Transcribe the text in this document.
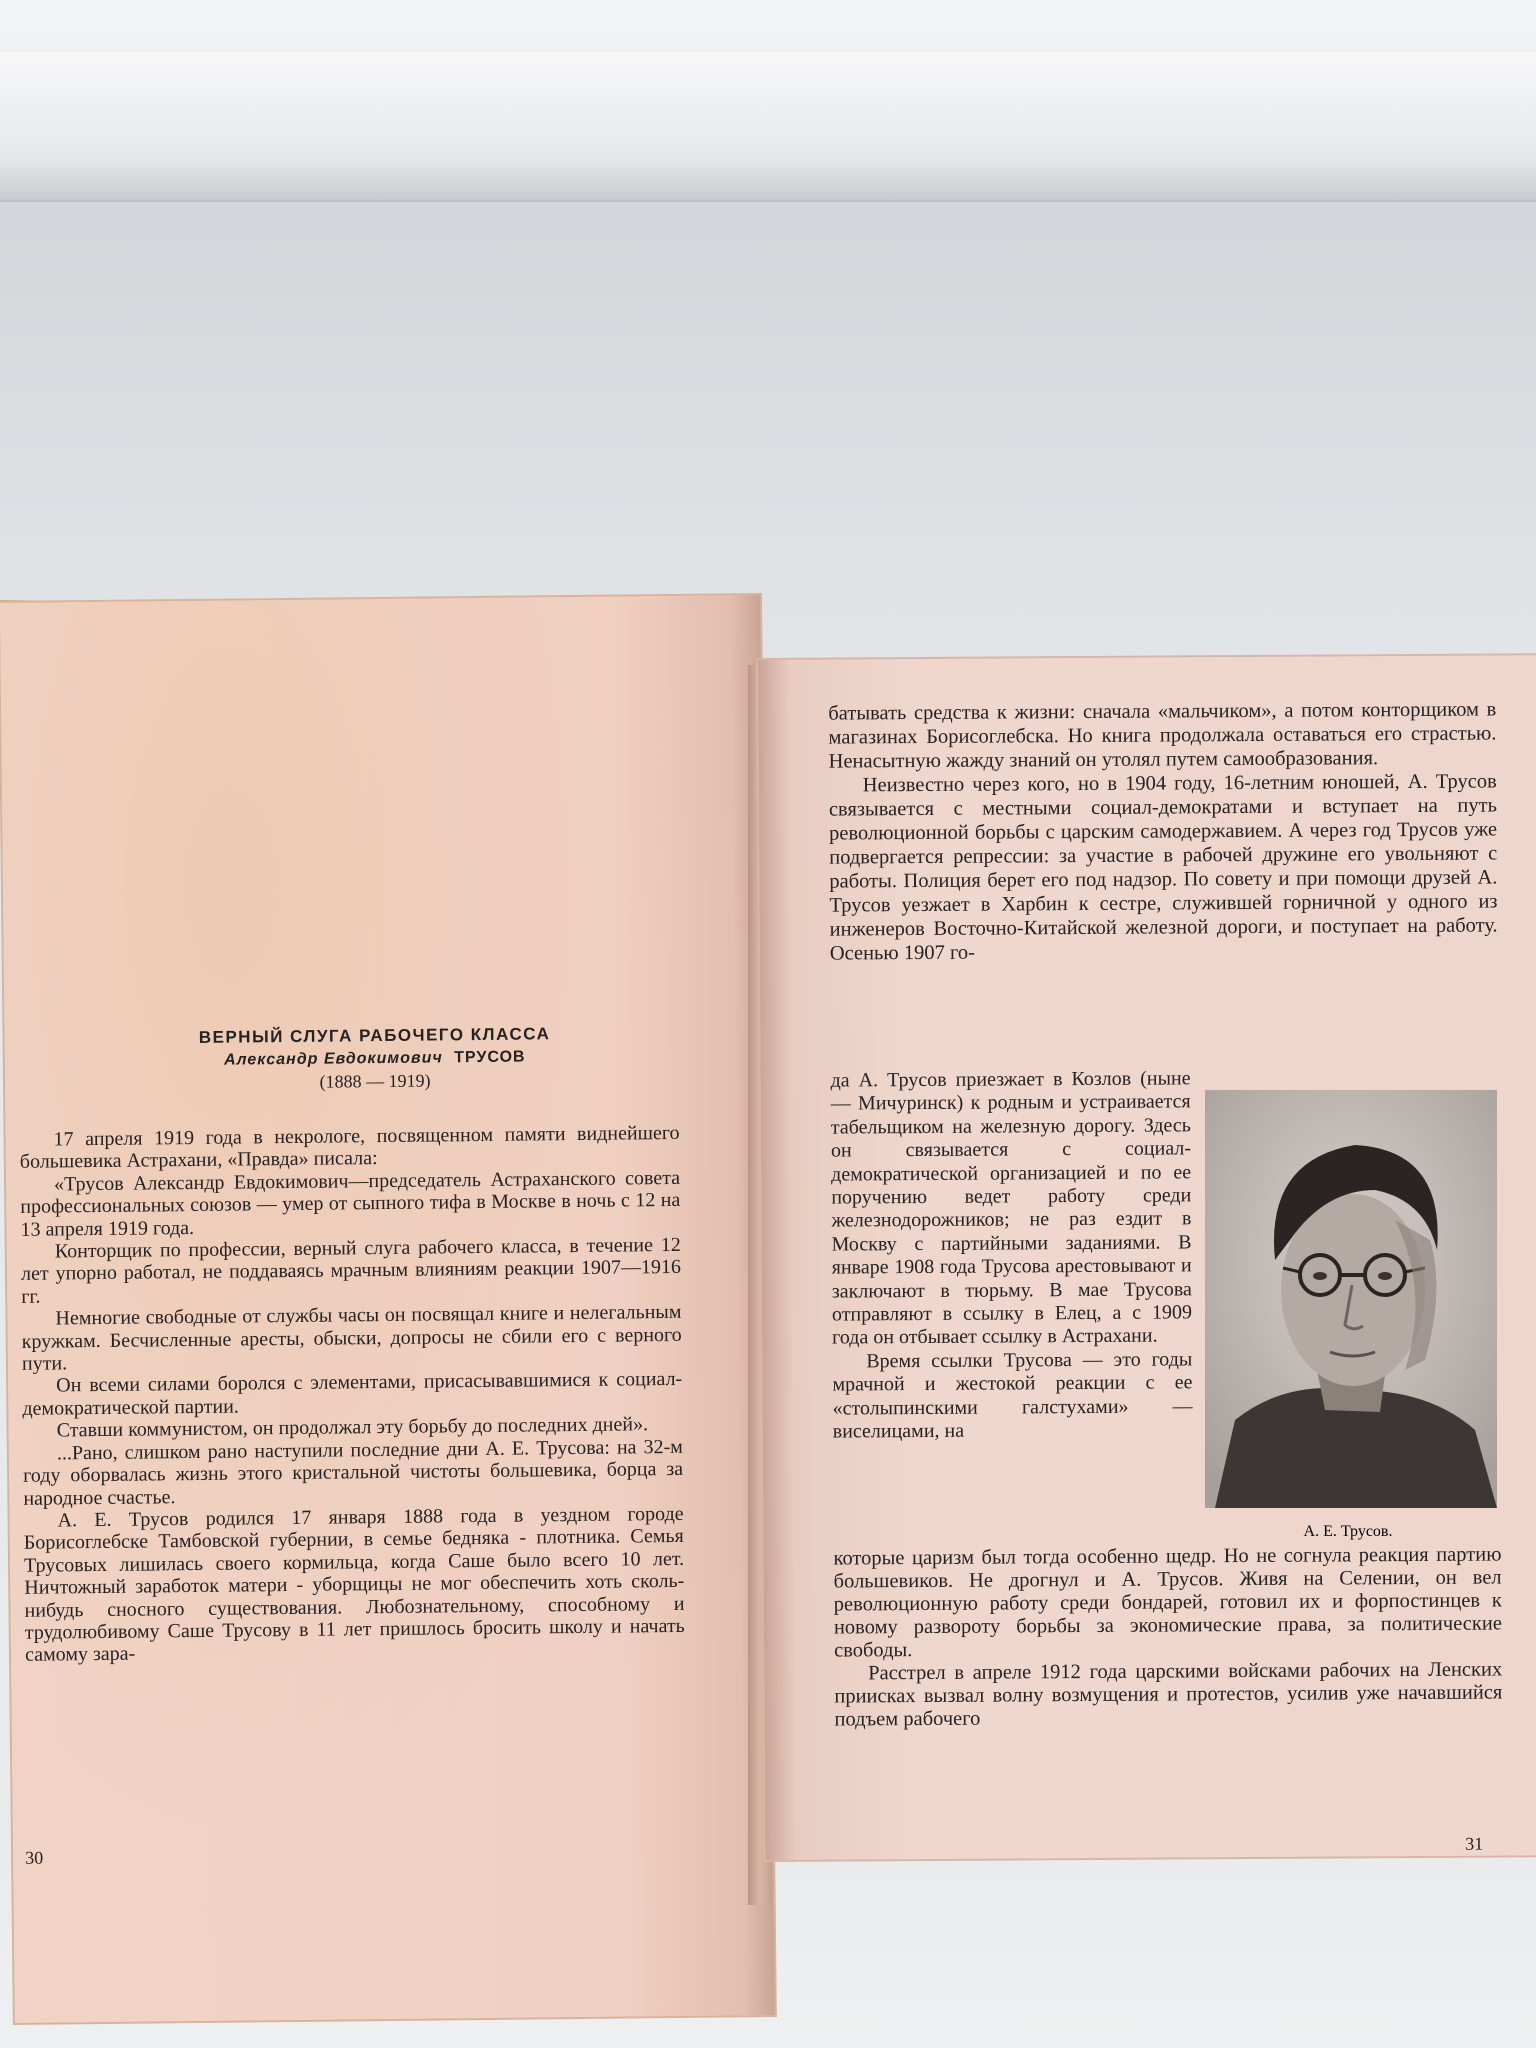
ВЕРНЫЙ СЛУГА РАБОЧЕГО КЛАССА
Александр Евдокимович ТРУСОВ
(1888 — 1919)

17 апреля 1919 года в некрологе, посвященном памяти виднейшего большевика Астрахани, «Правда» писала:

«Трусов Александр Евдокимович—председатель Астраханского совета профессиональных союзов — умер от сыпного тифа в Москве в ночь с 12 на 13 апреля 1919 года.

Конторщик по профессии, верный слуга рабочего класса, в течение 12 лет упорно работал, не поддаваясь мрачным влияниям реакции 1907—1916 гг.

Немногие свободные от службы часы он посвящал книге и нелегальным кружкам. Бесчисленные аресты, обыски, допросы не сбили его с верного пути.

Он всеми силами боролся с элементами, присасывавшимися к социал-демократической партии.

Ставши коммунистом, он продолжал эту борьбу до последних дней».

...Рано, слишком рано наступили последние дни А. Е. Трусова: на 32-м году оборвалась жизнь этого кристальной чистоты большевика, борца за народное счастье.

А. Е. Трусов родился 17 января 1888 года в уездном городе Борисоглебске Тамбовской губернии, в семье бедняка - плотника. Семья Трусовых лишилась своего кормильца, когда Саше было всего 10 лет. Ничтожный заработок матери - уборщицы не мог обеспечить хоть сколь-нибудь сносного существования. Любознательному, способному и трудолюбивому Саше Трусову в 11 лет пришлось бросить школу и начать самому зара-

30

батывать средства к жизни: сначала «мальчиком», а потом конторщиком в магазинах Борисоглебска. Но книга продолжала оставаться его страстью. Ненасытную жажду знаний он утолял путем самообразования.

Неизвестно через кого, но в 1904 году, 16-летним юношей, А. Трусов связывается с местными социал-демократами и вступает на путь революционной борьбы с царским самодержавием. А через год Трусов уже подвергается репрессии: за участие в рабочей дружине его увольняют с работы. Полиция берет его под надзор. По совету и при помощи друзей А. Трусов уезжает в Харбин к сестре, служившей горничной у одного из инженеров Восточно-Китайской железной дороги, и поступает на работу. Осенью 1907 го-

да А. Трусов приезжает в Козлов (ныне — Мичуринск) к родным и устраивается табельщиком на железную дорогу. Здесь он связывается с социал-демократической организацией и по ее поручению ведет работу среди железнодорожников; не раз ездит в Москву с партийными заданиями. В январе 1908 года Трусова арестовывают и заключают в тюрьму. В мае Трусова отправляют в ссылку в Елец, а с 1909 года он отбывает ссылку в Астрахани.

Время ссылки Трусова — это годы мрачной и жестокой реакции с ее «столыпинскими галстухами» — виселицами, на

которые царизм был тогда особенно щедр. Но не согнула реакция партию большевиков. Не дрогнул и А. Трусов. Живя на Селении, он вел революционную работу среди бондарей, готовил их и форпостинцев к новому развороту борьбы за экономические права, за политические свободы.

Расстрел в апреле 1912 года царскими войсками рабочих на Ленских приисках вызвал волну возмущения и протестов, усилив уже начавшийся подъем рабочего

31
А. Е. Трусов.
